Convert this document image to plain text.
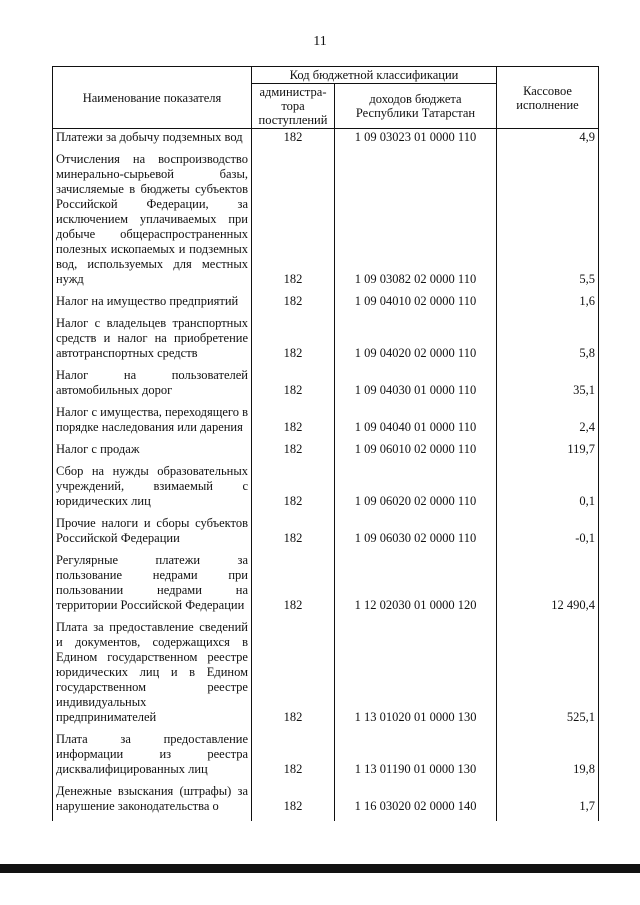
11
Наименование показателя	Код бюджетной классификации		Кассовое исполнение
	администра-тора поступлений	доходов бюджета Республики Татарстан	
Платежи за добычу подземных вод	182	1 09 03023 01 0000 110	4,9
Отчисления на воспроизводство минерально-сырьевой базы, зачисляемые в бюджеты субъектов Российской Федерации, за исключением уплачиваемых при добыче общераспространенных полезных ископаемых и подземных вод, используемых для местных нужд	182	1 09 03082 02 0000 110	5,5
Налог на имущество предприятий	182	1 09 04010 02 0000 110	1,6
Налог с владельцев транспортных средств и налог на приобретение автотранспортных средств	182	1 09 04020 02 0000 110	5,8
Налог на пользователей автомобильных дорог	182	1 09 04030 01 0000 110	35,1
Налог с имущества, переходящего в порядке наследования или дарения	182	1 09 04040 01 0000 110	2,4
Налог с продаж	182	1 09 06010 02 0000 110	119,7
Сбор на нужды образовательных учреждений, взимаемый с юридических лиц	182	1 09 06020 02 0000 110	0,1
Прочие налоги и сборы субъектов Российской Федерации	182	1 09 06030 02 0000 110	-0,1
Регулярные платежи за пользование недрами при пользовании недрами на территории Российской Федерации	182	1 12 02030 01 0000 120	12 490,4
Плата за предоставление сведений и документов, содержащихся в Едином государственном реестре юридических лиц и в Едином государственном реестре индивидуальных предпринимателей	182	1 13 01020 01 0000 130	525,1
Плата за предоставление информации из реестра дисквалифицированных лиц	182	1 13 01190 01 0000 130	19,8
Денежные взыскания (штрафы) за нарушение законодательства о	182	1 16 03020 02 0000 140	1,7
